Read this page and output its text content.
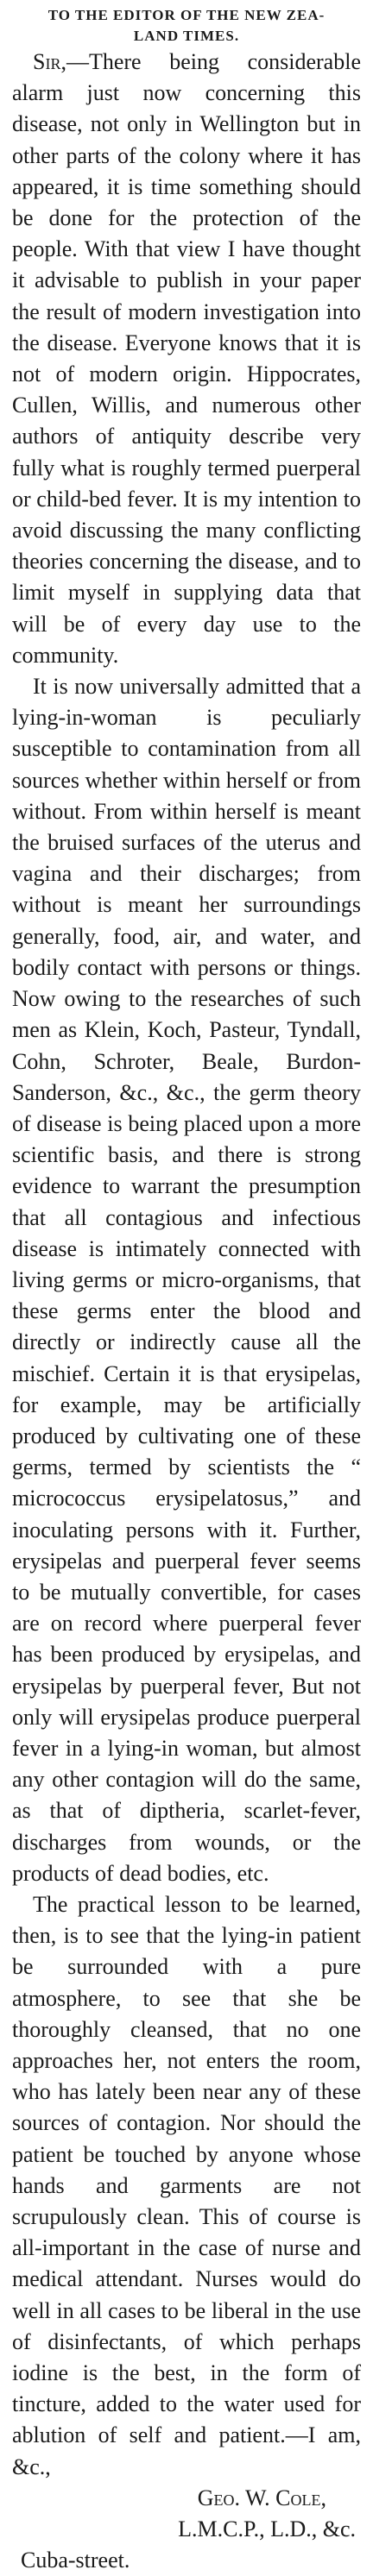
TO THE EDITOR OF THE NEW ZEA-
LAND TIMES.

Sir,—There being considerable alarm just now concerning this disease, not only in Wellington but in other parts of the colony where it has appeared, it is time something should be done for the protection of the people. With that view I have thought it advisable to publish in your paper the result of modern investigation into the disease. Everyone knows that it is not of modern origin. Hippocrates, Cullen, Willis, and numerous other authors of antiquity describe very fully what is roughly termed puerperal or child-bed fever. It is my intention to avoid discussing the many conflicting theories concerning the disease, and to limit myself in supplying data that will be of every day use to the community.

It is now universally admitted that a lying-in-woman is peculiarly susceptible to contamination from all sources whether within herself or from without. From within herself is meant the bruised surfaces of the uterus and vagina and their discharges; from without is meant her surroundings generally, food, air, and water, and bodily contact with persons or things. Now owing to the researches of such men as Klein, Koch, Pasteur, Tyndall, Cohn, Schroter, Beale, Burdon-Sanderson, &c., &c., the germ theory of disease is being placed upon a more scientific basis, and there is strong evidence to warrant the presumption that all contagious and infectious disease is intimately connected with living germs or micro-organisms, that these germs enter the blood and directly or indirectly cause all the mischief. Certain it is that erysipelas, for example, may be artificially produced by cultivating one of these germs, termed by scientists the “ micrococcus erysipelatosus,” and inoculating persons with it. Further, erysipelas and puerperal fever seems to be mutually convertible, for cases are on record where puerperal fever has been produced by erysipelas, and erysipelas by puerperal fever, But not only will erysipelas produce puerperal fever in a lying-in woman, but almost any other contagion will do the same, as that of diptheria, scarlet-fever, discharges from wounds, or the products of dead bodies, etc.

The practical lesson to be learned, then, is to see that the lying-in patient be surrounded with a pure atmosphere, to see that she be thoroughly cleansed, that no one approaches her, not enters the room, who has lately been near any of these sources of contagion. Nor should the patient be touched by anyone whose hands and garments are not scrupulously clean. This of course is all-important in the case of nurse and medical attendant. Nurses would do well in all cases to be liberal in the use of disinfectants, of which perhaps iodine is the best, in the form of tincture, added to the water used for ablution of self and patient.—I am, &c.,

Geo. W. Cole,
L.M.C.P., L.D., &c.
Cuba-street.
